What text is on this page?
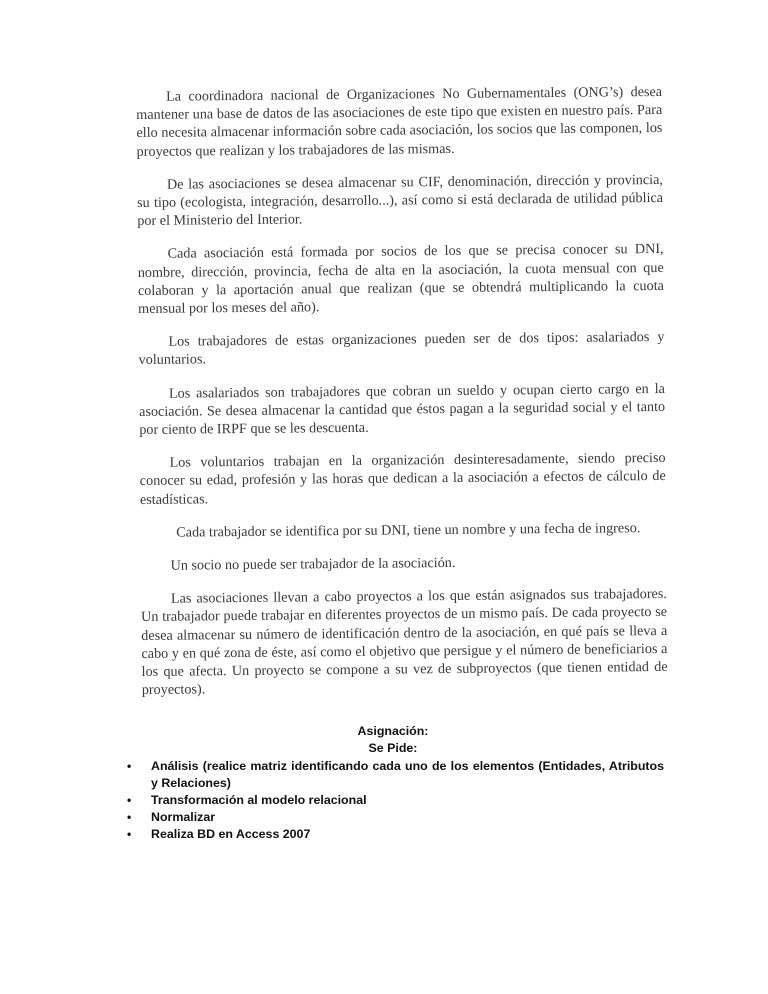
La coordinadora nacional de Organizaciones No Gubernamentales (ONG’s) desea mantener una base de datos de las asociaciones de este tipo que existen en nuestro país. Para ello necesita almacenar información sobre cada asociación, los socios que las componen, los proyectos que realizan y los trabajadores de las mismas.

De las asociaciones se desea almacenar su CIF, denominación, dirección y provincia, su tipo (ecologista, integración, desarrollo...), así como si está declarada de utilidad pública por el Ministerio del Interior.

Cada asociación está formada por socios de los que se precisa conocer su DNI, nombre, dirección, provincia, fecha de alta en la asociación, la cuota mensual con que colaboran y la aportación anual que realizan (que se obtendrá multiplicando la cuota mensual por los meses del año).

Los trabajadores de estas organizaciones pueden ser de dos tipos: asalariados y voluntarios.

Los asalariados son trabajadores que cobran un sueldo y ocupan cierto cargo en la asociación. Se desea almacenar la cantidad que éstos pagan a la seguridad social y el tanto por ciento de IRPF que se les descuenta.

Los voluntarios trabajan en la organización desinteresadamente, siendo preciso conocer su edad, profesión y las horas que dedican a la asociación a efectos de cálculo de estadísticas.

Cada trabajador se identifica por su DNI, tiene un nombre y una fecha de ingreso.

Un socio no puede ser trabajador de la asociación.

Las asociaciones llevan a cabo proyectos a los que están asignados sus trabajadores. Un trabajador puede trabajar en diferentes proyectos de un mismo país. De cada proyecto se desea almacenar su número de identificación dentro de la asociación, en qué país se lleva a cabo y en qué zona de éste, así como el objetivo que persigue y el número de beneficiarios a los que afecta. Un proyecto se compone a su vez de subproyectos (que tienen entidad de proyectos).

Asignación:
Se Pide:
• Análisis (realice matriz identificando cada uno de los elementos (Entidades, Atributos y Relaciones)
• Transformación al modelo relacional
• Normalizar
• Realiza BD en Access 2007
